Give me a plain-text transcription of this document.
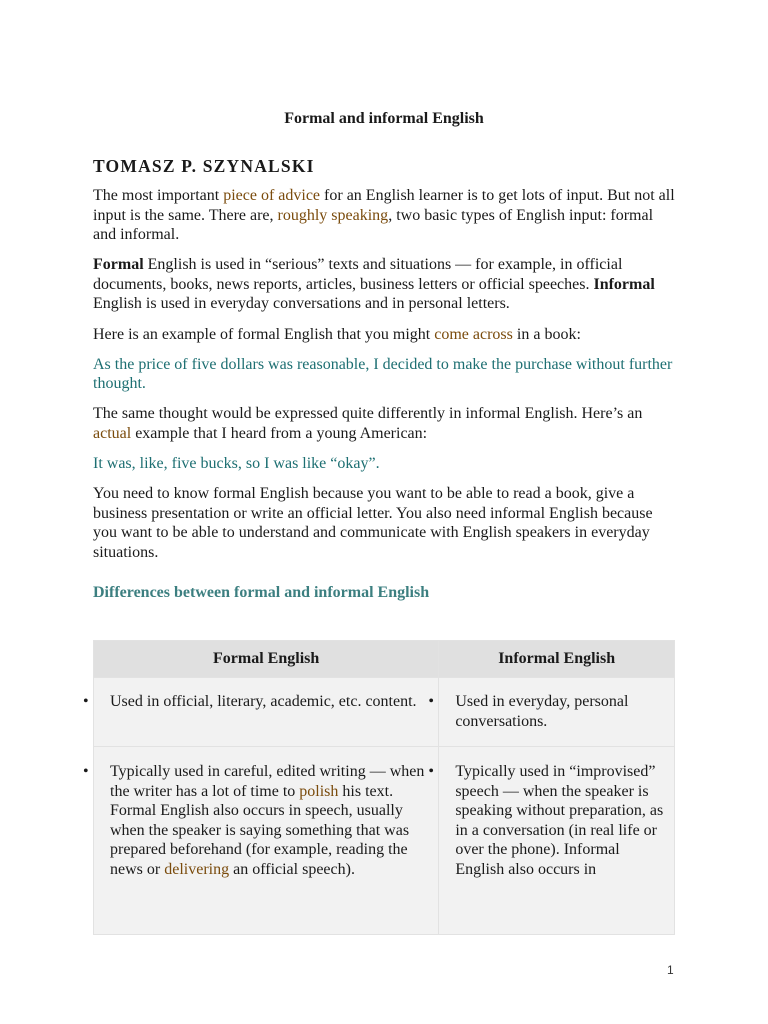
Formal and informal English
TOMASZ P. SZYNALSKI

The most important piece of advice for an English learner is to get lots of input. But not all input is the same. There are, roughly speaking, two basic types of English input: formal and informal.

Formal English is used in “serious” texts and situations — for example, in official documents, books, news reports, articles, business letters or official speeches. Informal English is used in everyday conversations and in personal letters.

Here is an example of formal English that you might come across in a book:

As the price of five dollars was reasonable, I decided to make the purchase without further thought.

The same thought would be expressed quite differently in informal English. Here’s an actual example that I heard from a young American:

It was, like, five bucks, so I was like “okay”.

You need to know formal English because you want to be able to read a book, give a business presentation or write an official letter. You also need informal English because you want to be able to understand and communicate with English speakers in everyday situations.

Differences between formal and informal English
Formal English	Informal English

• Used in official, literary, academic, etc. content.	• Used in everyday, personal conversations.

• Typically used in careful, edited writing — when the writer has a lot of time to polish his text. Formal English also occurs in speech, usually when the speaker is saying something that was prepared beforehand (for example, reading the news or delivering an official speech).	• Typically used in “improvised” speech — when the speaker is speaking without preparation, as in a conversation (in real life or over the phone). Informal English also occurs in
1
